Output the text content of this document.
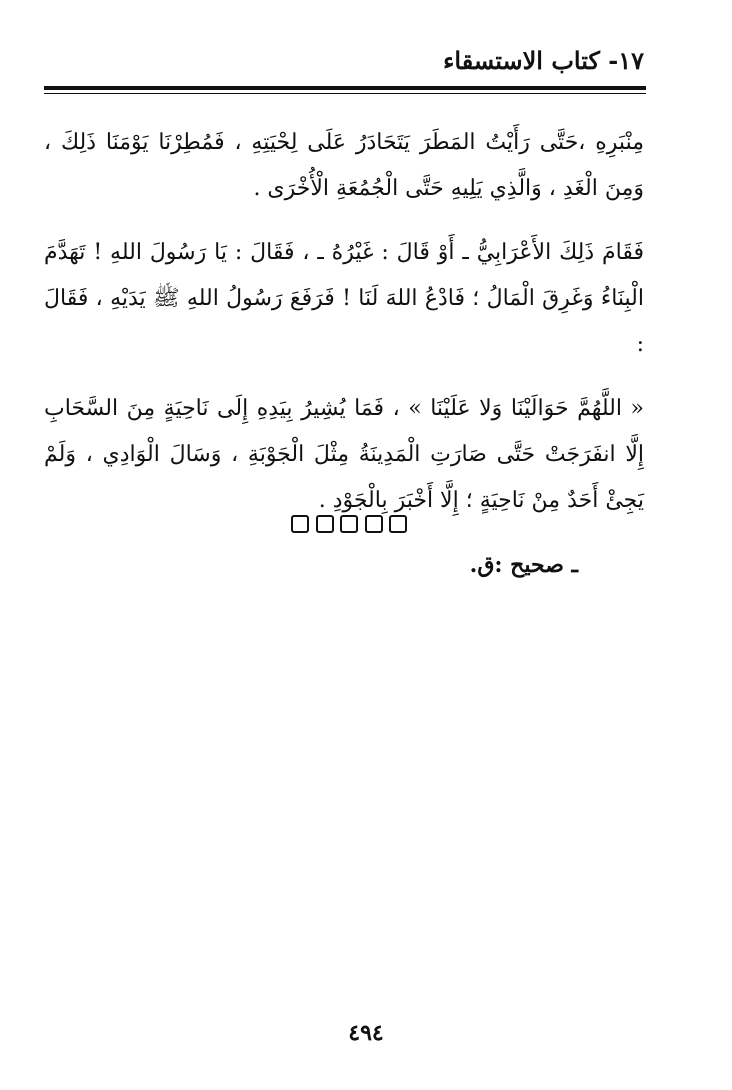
١٧- كتاب الاستسقاء

مِنْبَرِهِ ،حَتَّى رَأَيْتُ المَطَرَ يَتَحَادَرُ عَلَى لِحْيَتِهِ ، فَمُطِرْنَا يَوْمَنَا ذَلِكَ ، وَمِنَ الْغَدِ ، وَالَّذِي يَلِيهِ حَتَّى الْجُمُعَةِ الْأُخْرَى .

فَقَامَ ذَلِكَ الأَعْرَابِيُّ ـ أَوْ قَالَ : غَيْرُهُ ـ ، فَقَالَ : يَا رَسُولَ اللهِ ! تَهَدَّمَ الْبِنَاءُ وَغَرِقَ الْمَالُ ؛ فَادْعُ اللهَ لَنَا ! فَرَفَعَ رَسُولُ اللهِ ﷺ يَدَيْهِ ، فَقَالَ :

« اللَّهُمَّ حَوَالَيْنَا وَلا عَلَيْنَا » ، فَمَا يُشِيرُ بِيَدِهِ إِلَى نَاحِيَةٍ مِنَ السَّحَابِ إِلَّا انفَرَجَتْ حَتَّى صَارَتِ الْمَدِينَةُ مِثْلَ الْجَوْبَةِ ، وَسَالَ الْوَادِي ، وَلَمْ يَجِئْ أَحَدٌ مِنْ نَاحِيَةٍ ؛ إِلَّا أَخْبَرَ بِالْجَوْدِ .

ـ صحيح :ق.
٤٩٤
